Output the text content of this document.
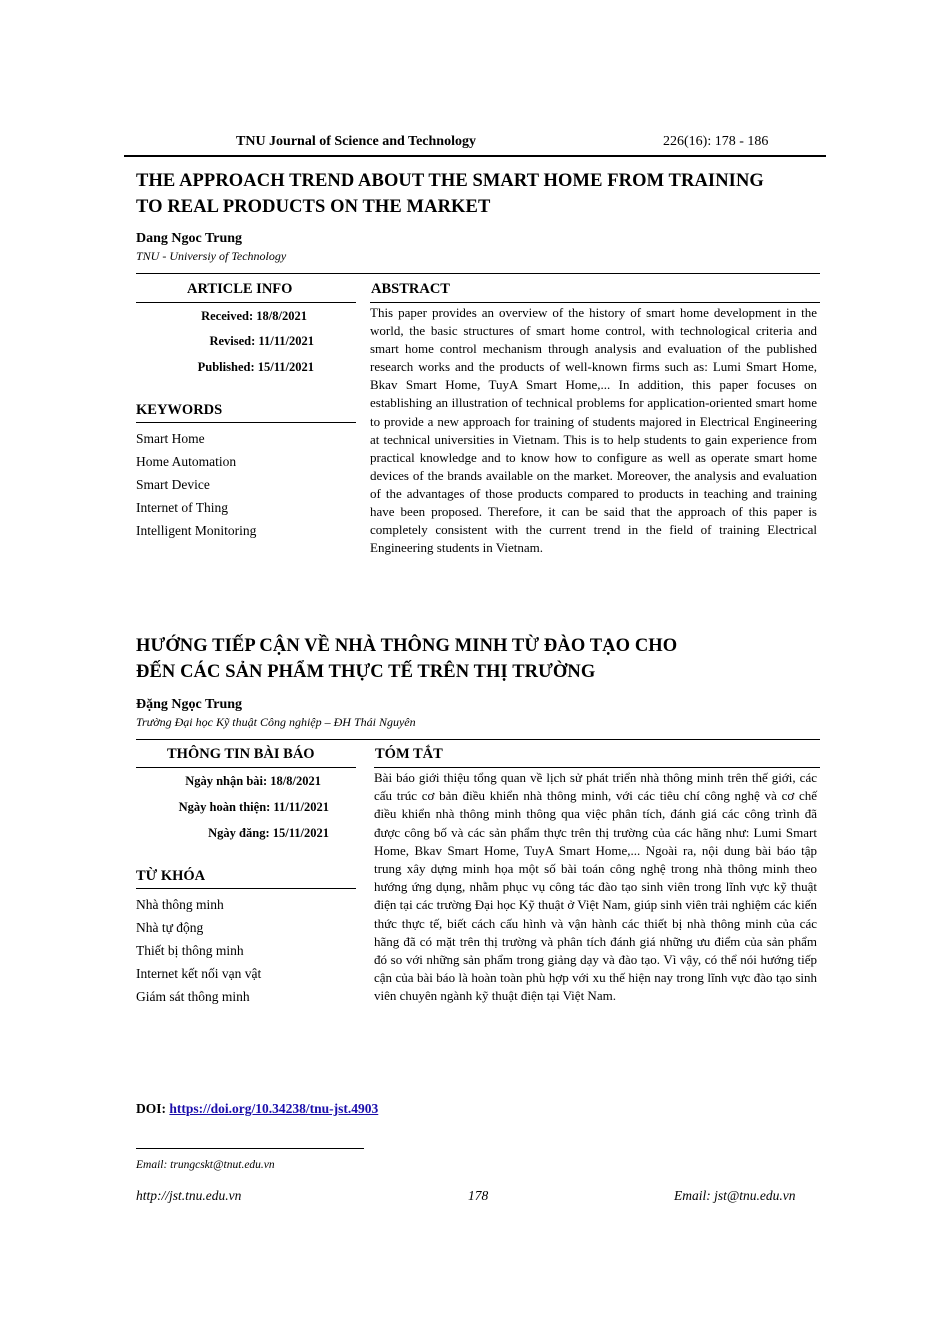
TNU Journal of Science and Technology	226(16): 178 - 186
THE APPROACH TREND ABOUT THE SMART HOME FROM TRAINING
TO REAL PRODUCTS ON THE MARKET
Dang Ngoc Trung
TNU - Universiy of Technology
ARTICLE INFO	ABSTRACT
Received: 18/8/2021
Revised: 11/11/2021
Published: 15/11/2021
KEYWORDS
Smart Home
Home Automation
Smart Device
Internet of Thing
Intelligent Monitoring
This paper provides an overview of the history of smart home development in the world, the basic structures of smart home control, with technological criteria and smart home control mechanism through analysis and evaluation of the published research works and the products of well-known firms such as: Lumi Smart Home, Bkav Smart Home, TuyA Smart Home,... In addition, this paper focuses on establishing an illustration of technical problems for application-oriented smart home to provide a new approach for training of students majored in Electrical Engineering at technical universities in Vietnam. This is to help students to gain experience from practical knowledge and to know how to configure as well as operate smart home devices of the brands available on the market. Moreover, the analysis and evaluation of the advantages of those products compared to products in teaching and training have been proposed. Therefore, it can be said that the approach of this paper is completely consistent with the current trend in the field of training Electrical Engineering students in Vietnam.
HƯỚNG TIẾP CẬN VỀ NHÀ THÔNG MINH TỪ ĐÀO TẠO CHO
ĐẾN CÁC SẢN PHẨM THỰC TẾ TRÊN THỊ TRƯỜNG
Đặng Ngọc Trung
Trường Đại học Kỹ thuật Công nghiệp – ĐH Thái Nguyên
THÔNG TIN BÀI BÁO	TÓM TẮT
Ngày nhận bài: 18/8/2021
Ngày hoàn thiện: 11/11/2021
Ngày đăng: 15/11/2021
TỪ KHÓA
Nhà thông minh
Nhà tự động
Thiết bị thông minh
Internet kết nối vạn vật
Giám sát thông minh
Bài báo giới thiệu tổng quan về lịch sử phát triển nhà thông minh trên thế giới, các cấu trúc cơ bản điều khiển nhà thông minh, với các tiêu chí công nghệ và cơ chế điều khiển nhà thông minh thông qua việc phân tích, đánh giá các công trình đã được công bố và các sản phẩm thực trên thị trường của các hãng như: Lumi Smart Home, Bkav Smart Home, TuyA Smart Home,... Ngoài ra, nội dung bài báo tập trung xây dựng minh họa một số bài toán công nghệ trong nhà thông minh theo hướng ứng dụng, nhằm phục vụ công tác đào tạo sinh viên trong lĩnh vực kỹ thuật điện tại các trường Đại học Kỹ thuật ở Việt Nam, giúp sinh viên trải nghiệm các kiến thức thực tế, biết cách cấu hình và vận hành các thiết bị nhà thông minh của các hãng đã có mặt trên thị trường và phân tích đánh giá những ưu điểm của sản phẩm đó so với những sản phẩm trong giảng dạy và đào tạo. Vì vậy, có thể nói hướng tiếp cận của bài báo là hoàn toàn phù hợp với xu thế hiện nay trong lĩnh vực đào tạo sinh viên chuyên ngành kỹ thuật điện tại Việt Nam.
DOI: https://doi.org/10.34238/tnu-jst.4903
Email: trungcskt@tnut.edu.vn
http://jst.tnu.edu.vn	178	Email: jst@tnu.edu.vn
